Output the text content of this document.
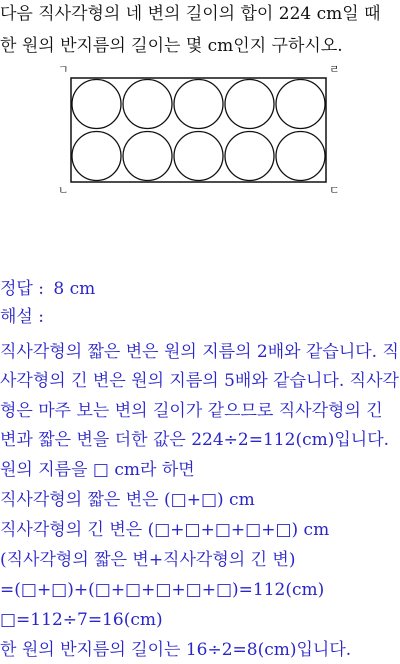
다음 직사각형의 네 변의 길이의 합이 224 cm일 때
한 원의 반지름의 길이는 몇 cm인지 구하시오.
ㄱ	ㄹ
ㄴ	ㄷ
정답 : 8 cm
해설 :
직사각형의 짧은 변은 원의 지름의 2배와 같습니다. 직
사각형의 긴 변은 원의 지름의 5배와 같습니다. 직사각
형은 마주 보는 변의 길이가 같으므로 직사각형의 긴
변과 짧은 변을 더한 값은 224÷2=112(cm)입니다.
원의 지름을 □ cm라 하면
직사각형의 짧은 변은 (□+□) cm
직사각형의 긴 변은 (□+□+□+□+□) cm
(직사각형의 짧은 변+직사각형의 긴 변)
=(□+□)+(□+□+□+□+□)=112(cm)
□=112÷7=16(cm)
한 원의 반지름의 길이는 16÷2=8(cm)입니다.
